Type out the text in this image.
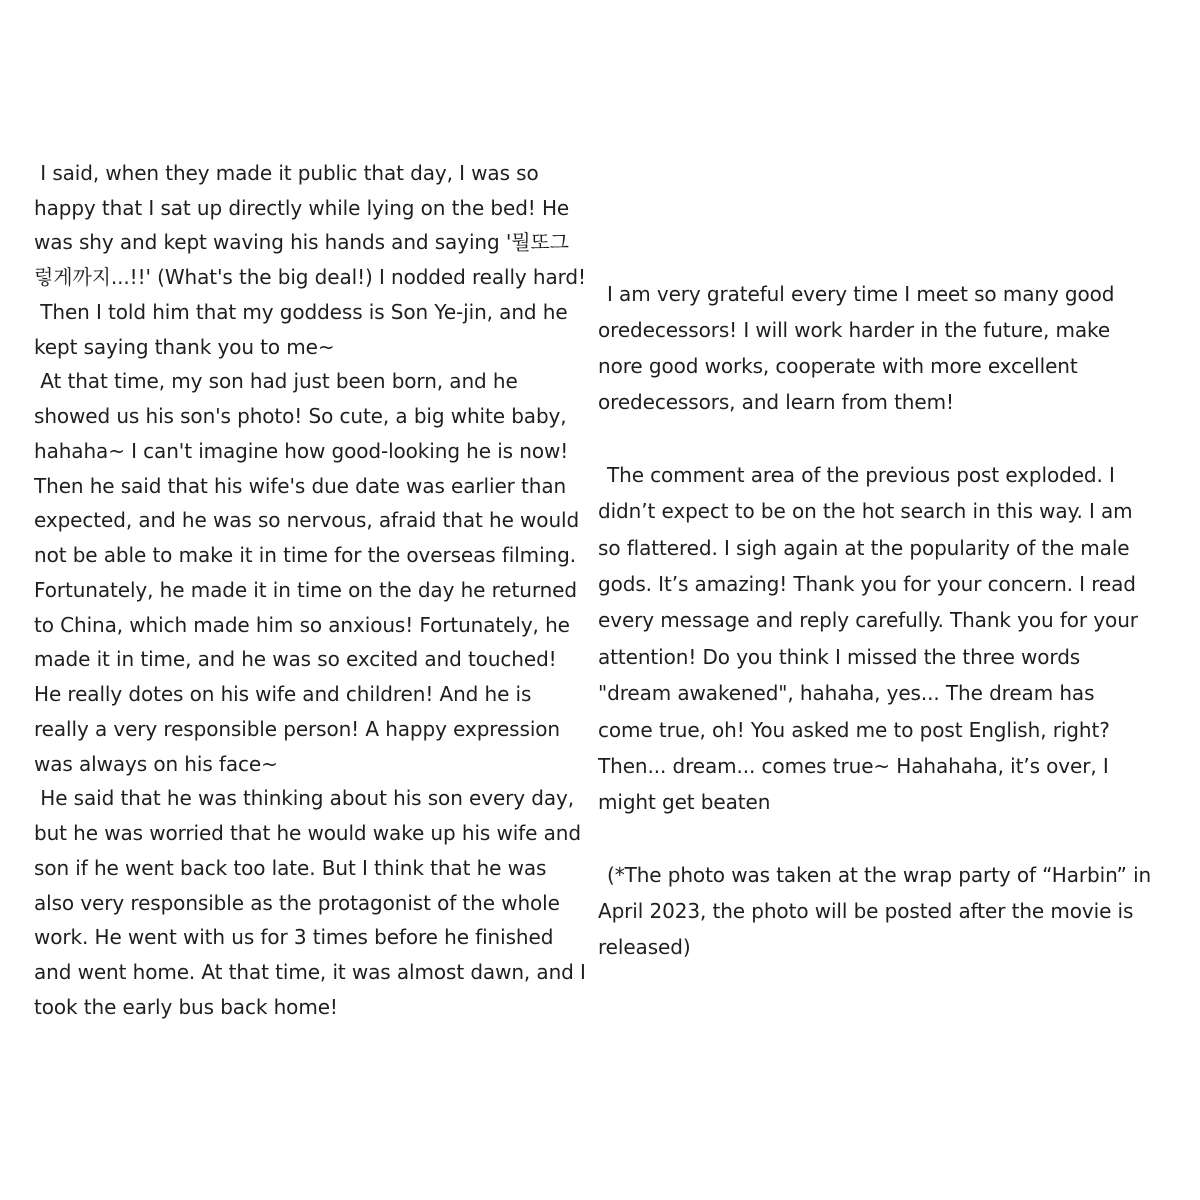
I said, when they made it public that day, I was so
happy that I sat up directly while lying on the bed! He
was shy and kept waving his hands and saying '뭘또그
렇게까지...!!' (What's the big deal!) I nodded really hard!
Then I told him that my goddess is Son Ye-jin, and he
kept saying thank you to me~
At that time, my son had just been born, and he
showed us his son's photo! So cute, a big white baby,
hahaha~ I can't imagine how good-looking he is now!
Then he said that his wife's due date was earlier than
expected, and he was so nervous, afraid that he would
not be able to make it in time for the overseas filming.
Fortunately, he made it in time on the day he returned
to China, which made him so anxious! Fortunately, he
made it in time, and he was so excited and touched!
He really dotes on his wife and children! And he is
really a very responsible person! A happy expression
was always on his face~
He said that he was thinking about his son every day,
but he was worried that he would wake up his wife and
son if he went back too late. But I think that he was
also very responsible as the protagonist of the whole
work. He went with us for 3 times before he finished
and went home. At that time, it was almost dawn, and I
took the early bus back home!
I am very grateful every time I meet so many good
oredecessors! I will work harder in the future, make
nore good works, cooperate with more excellent
oredecessors, and learn from them!
The comment area of the previous post exploded. I
didn’t expect to be on the hot search in this way. I am
so flattered. I sigh again at the popularity of the male
gods. It’s amazing! Thank you for your concern. I read
every message and reply carefully. Thank you for your
attention! Do you think I missed the three words
"dream awakened", hahaha, yes... The dream has
come true, oh! You asked me to post English, right?
Then... dream... comes true~ Hahahaha, it’s over, I
might get beaten
(*The photo was taken at the wrap party of “Harbin” in
April 2023, the photo will be posted after the movie is
released)
